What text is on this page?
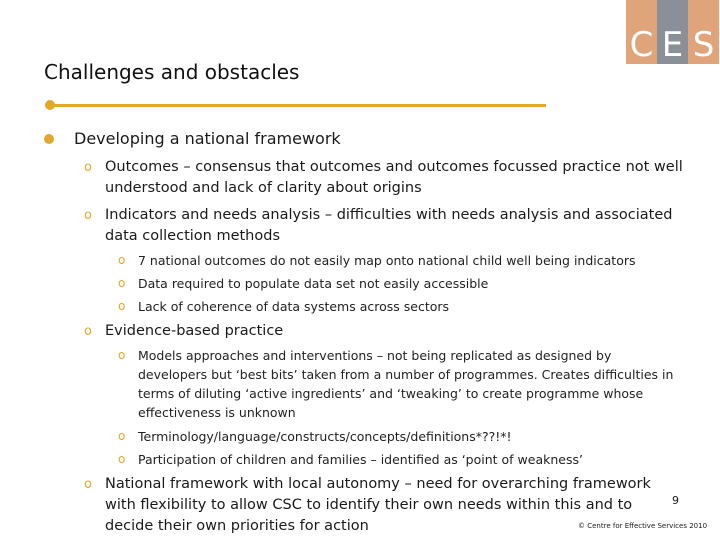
C E S
Challenges and obstacles
Developing a national framework
o Outcomes – consensus that outcomes and outcomes focussed practice not well understood and lack of clarity about origins
o Indicators and needs analysis – difficulties with needs analysis and associated data collection methods
o 7 national outcomes do not easily map onto national child well being indicators
o Data required to populate data set not easily accessible
o Lack of coherence of data systems across sectors
o Evidence-based practice
o Models approaches and interventions – not being replicated as designed by developers but ‘best bits’ taken from a number of programmes. Creates difficulties in terms of diluting ‘active ingredients’ and ‘tweaking’ to create programme whose effectiveness is unknown
o Terminology/language/constructs/concepts/definitions*??!*!
o Participation of children and families – identified as ‘point of weakness’
o National framework with local autonomy – need for overarching framework with flexibility to allow CSC to identify their own needs within this and to decide their own priorities for action
9
© Centre for Effective Services 2010
